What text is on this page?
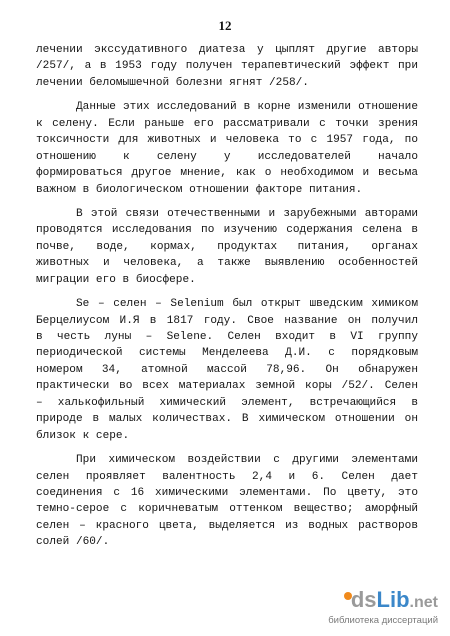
12

лечении экссудативного диатеза у цыплят другие авторы
/257/, а в 1953 году получен терапевтический эффект при
лечении беломышечной болезни ягнят /258/.

Данные этих исследований в корне изменили отношение
к селену. Если раньше его рассматривали с точки зрения
токсичности для животных и человека то с 1957 года, по
отношению к селену у исследователей начало
формироваться другое мнение, как о необходимом и весьма
важном в биологическом отношении факторе питания.

В этой связи отечественными и зарубежными авторами
проводятся исследования по изучению содержания селена в
почве, воде, кормах, продуктах питания, органах
животных и человека, а также выявлению особенностей
миграции его в биосфере.

Se – селен – Selenium был открыт шведским химиком
Берцелиусом И.Я в 1817 году. Свое название он получил
в честь луны – Selene. Селен входит в VI группу
периодической системы Менделеева Д.И. с порядковым
номером 34, атомной массой 78,96. Он обнаружен
практически во всех материалах земной коры /52/. Селен
– халькофильный химический элемент, встречающийся в
природе в малых количествах. В химическом отношении он
близок к сере.

При химическом воздействии с другими элементами
селен проявляет валентность 2,4 и 6. Селен дает
соединения с 16 химическими элементами. По цвету, это
темно-серое с коричневатым оттенком вещество; аморфный
селен – красного цвета, выделяется из водных растворов
солей /60/.

dsLib.net
библиотека диссертаций
